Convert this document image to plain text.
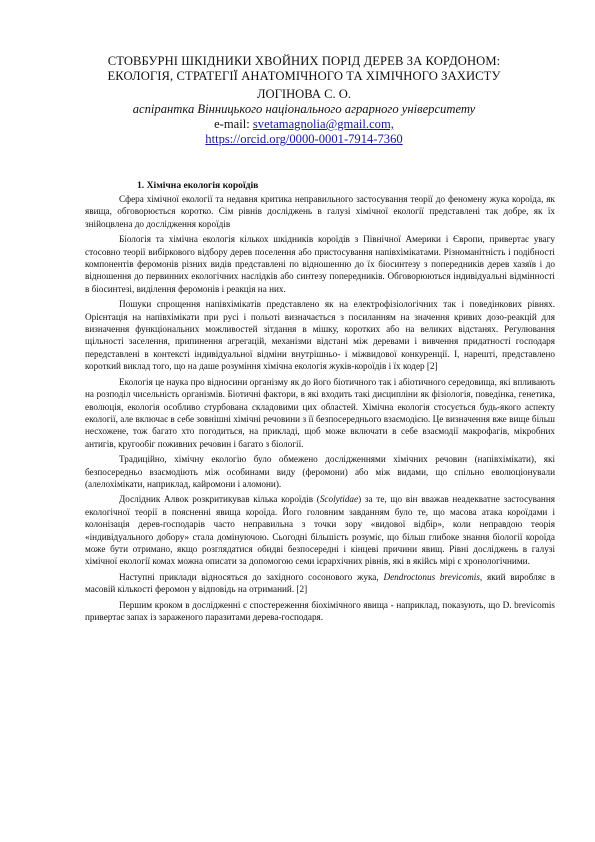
СТОВБУРНІ ШКІДНИКИ ХВОЙНИХ ПОРІД ДЕРЕВ ЗА КОРДОНОМ:
ЕКОЛОГІЯ, СТРАТЕГІЇ АНАТОМІЧНОГО ТА ХІМІЧНОГО ЗАХИСТУ
ЛОГІНОВА С. О.
аспірантка Вінницького національного аграрного університету
e-mail: svetamagnolia@gmail.com,
https://orcid.org/0000-0001-7914-7360
1. Хімічна екологія короїдів

Сфера хімічної екології та недавня критика неправильного застосування теорії до феномену жука короїда, як явища, обговорюється коротко. Сім рівнів досліджень в галузі хімічної екології представлені так добре, як їх знійоцвлена до дослідження короїдів

Біологія та хімічна екологія кількох шкідників короїдів з Північної Америки і Європи, привертає увагу стосовно теорії вибіркового відбору дерев поселення або пристосування напівхімікатами. Різноманітність і подібності компонентів феромонів різних видів представлені по відношенню до їх біосинтезу з попередників дерев хазяїв і до відношення до первинних екологічних наслідків або синтезу попередників. Обговорюються індивідуальні відмінності в біосинтезі, виділення феромонів і реакція на них.

Пошуки спрощення напівхімікатів представлено як на електрофізіологічних так і поведінкових рівнях. Орієнтація на напівхімікати при русі і польоті визначається з посиланням на значення кривих дозо-реакцій для визначення функціональних можливостей зітдання в мішку, коротких або на великих відстанях. Регулювання щільності заселення, припинення агрегацій, механізми відстані між деревами і вивчення придатності господаря передставлені в контексті індивідуальної відміни внутрішньо- і міжвидової конкуренції. І, нарешті, представлено короткий виклад того, що на даше розуміння хімічна екологія жуків-короїдів і їх кодер [2]

Екологія це наука про відносини організму як до його біотичного так і абіотичного середовища, які впливають на розподіл чисельність організмів. Біотичні фактори, в які входить такі дисципліни як фізіологія, поведінка, генетика, еволюція, екологія особливо стурбована складовими цих областей. Хімічна екологія стосується будь-якого аспекту екології, але включає в себе зовнішні хімічні речовини з її безпосереднього взаємодією. Це визначення вже вище більш несхожене, тож багато хто погодиться, на прикладі, щоб може включати в себе взаємодії макрофагів, мікробних антигів, кругообіг поживних речовин і багато з біології.

Традиційно, хімічну екологію було обмежено дослідженнями хімічних речовин (напівхімікати), які безпосередньо взаємодіють між особинами виду (феромони) або між видами, що спільно еволюціонували (алелохімікати, наприклад, кайромони і аломони).

Дослідник Алвок розкритикував кілька короїдів (Scolytidae) за те, що він вважав неадекватне застосування екологічної теорії в поясненні явища короїда. Його головним завданням було те, що масова атака короїдами і колонізація дерев-господарів часто неправильна з точки зору «видової відбір», коли неправдою теорія «індивідуального добору» стала домінуючою. Сьогодні більшість розуміє, що більш глибоке знання біології короїда може бути отримано, якщо розглядатися обидві безпосередні і кінцеві причини явищ. Рівні досліджень в галузі хімічної екології комах можна описати за допомогою семи ієрархічних рівнів, які в якійсь мірі є хронологічними.

Наступні приклади відносяться до західного сосонового жука, Dendroctonus brevicomis, який виробляє в масовій кількості феромон у відповідь на отриманий. [2]

Першим кроком в дослідженні є спостереження біохімічного явища - наприклад, показують, що D. brevicomis привертає запах із зараженого паразитами дерева-господаря.
